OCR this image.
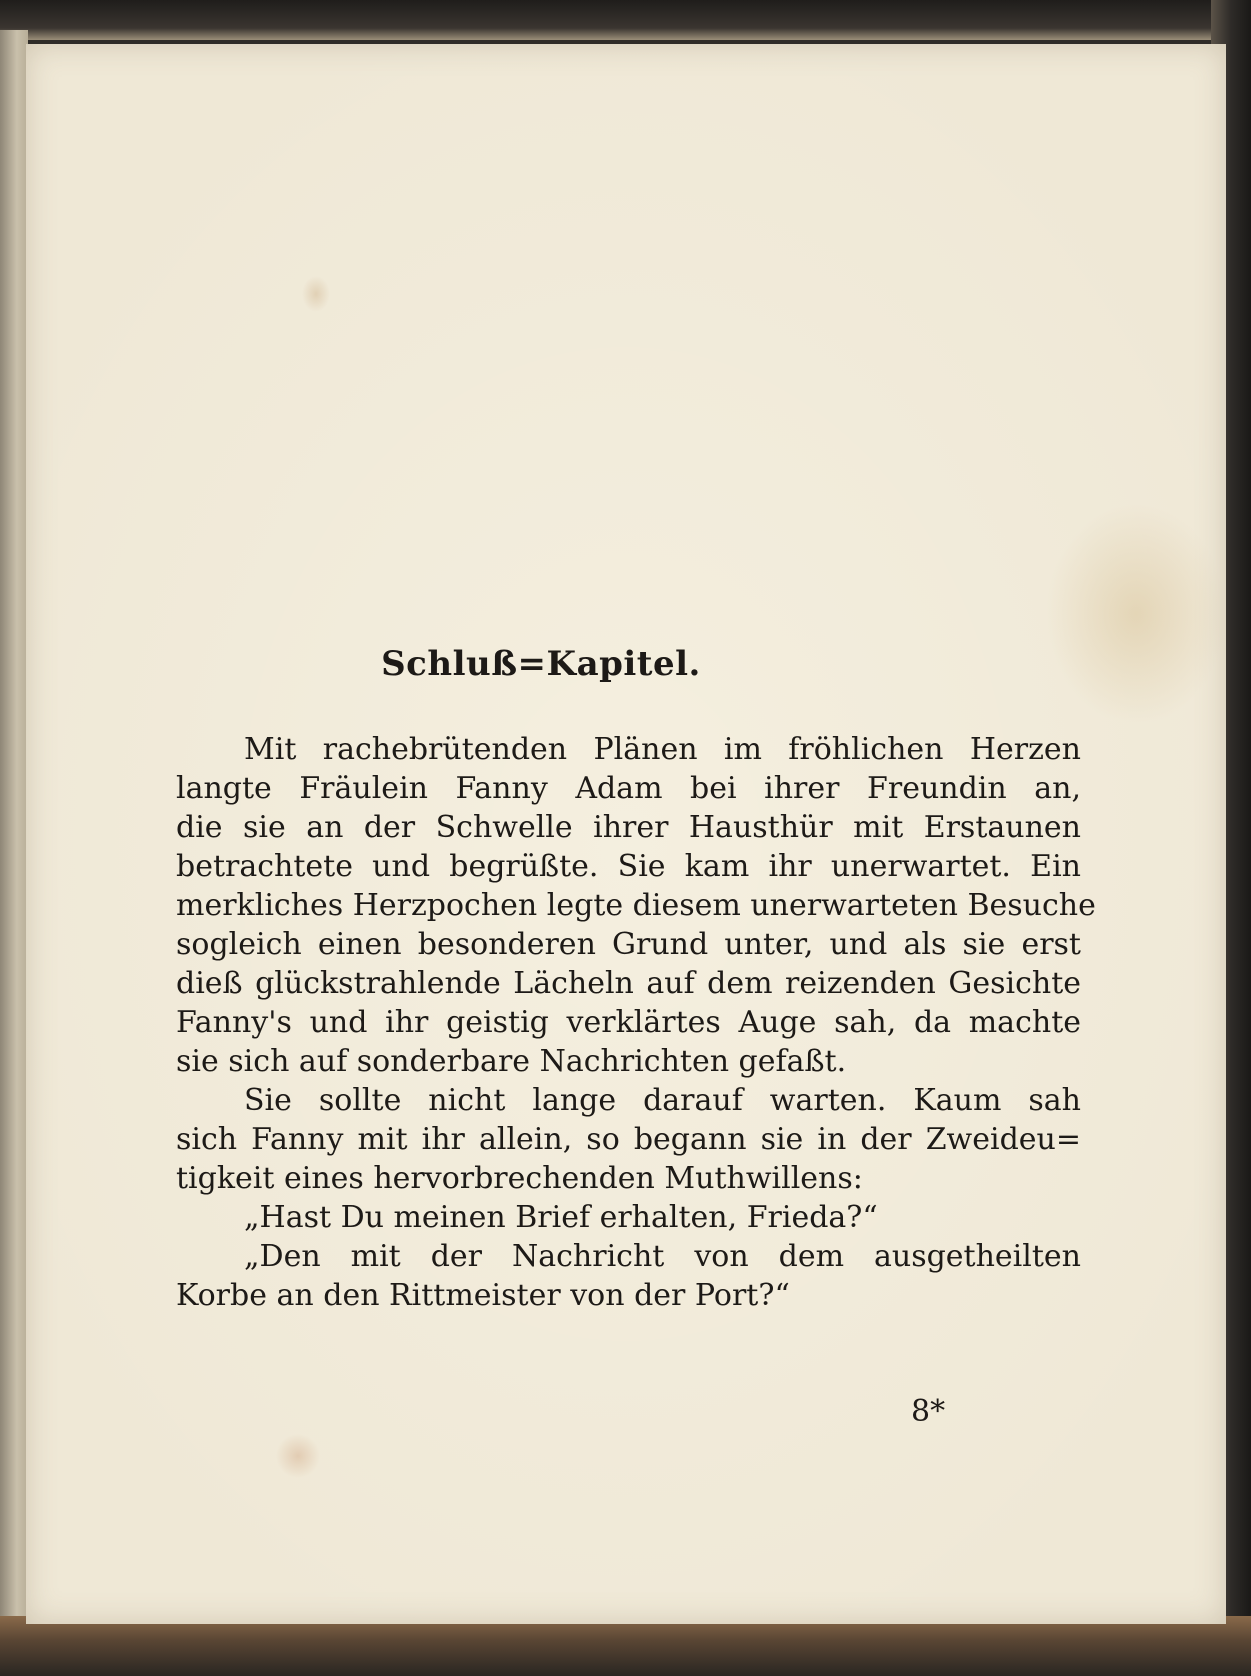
Schluß=Kapitel.
Mit rachebrütenden Plänen im fröhlichen Herzen
langte Fräulein Fanny Adam bei ihrer Freundin an,
die sie an der Schwelle ihrer Hausthür mit Erstaunen
betrachtete und begrüßte. Sie kam ihr unerwartet. Ein
merkliches Herzpochen legte diesem unerwarteten Besuche
sogleich einen besonderen Grund unter, und als sie erst
dieß glückstrahlende Lächeln auf dem reizenden Gesichte
Fanny's und ihr geistig verklärtes Auge sah, da machte
sie sich auf sonderbare Nachrichten gefaßt.
Sie sollte nicht lange darauf warten. Kaum sah
sich Fanny mit ihr allein, so begann sie in der Zweideu=
tigkeit eines hervorbrechenden Muthwillens:
„Hast Du meinen Brief erhalten, Frieda?“
„Den mit der Nachricht von dem ausgetheilten
Korbe an den Rittmeister von der Port?“
8*
